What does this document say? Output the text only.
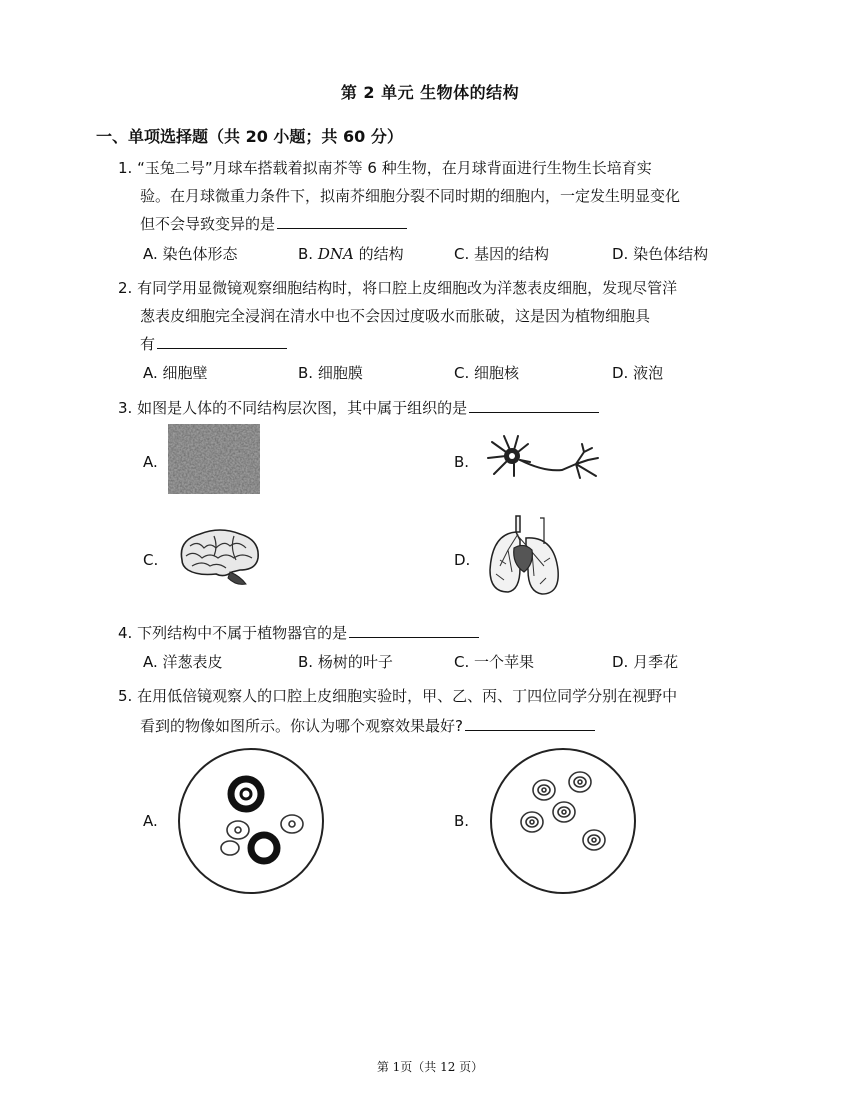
第 2 单元 生物体的结构
一、单项选择题（共 20 小题；共 60 分）
1. “玉兔二号”月球车搭载着拟南芥等 6 种生物，在月球背面进行生物生长培育实
验。在月球微重力条件下，拟南芥细胞分裂不同时期的细胞内，一定发生明显变化
但不会导致变异的是
A. 染色体形态	B. DNA 的结构	C. 基因的结构	D. 染色体结构
2. 有同学用显微镜观察细胞结构时，将口腔上皮细胞改为洋葱表皮细胞，发现尽管洋
葱表皮细胞完全浸润在清水中也不会因过度吸水而胀破，这是因为植物细胞具
有
A. 细胞壁	B. 细胞膜	C. 细胞核	D. 液泡
3. 如图是人体的不同结构层次图，其中属于组织的是
A.	B.
C.	D.
4. 下列结构中不属于植物器官的是
A. 洋葱表皮	B. 杨树的叶子	C. 一个苹果	D. 月季花
5. 在用低倍镜观察人的口腔上皮细胞实验时，甲、乙、丙、丁四位同学分别在视野中
看到的物像如图所示。你认为哪个观察效果最好?
A.	B.
第 1页（共 12 页）
